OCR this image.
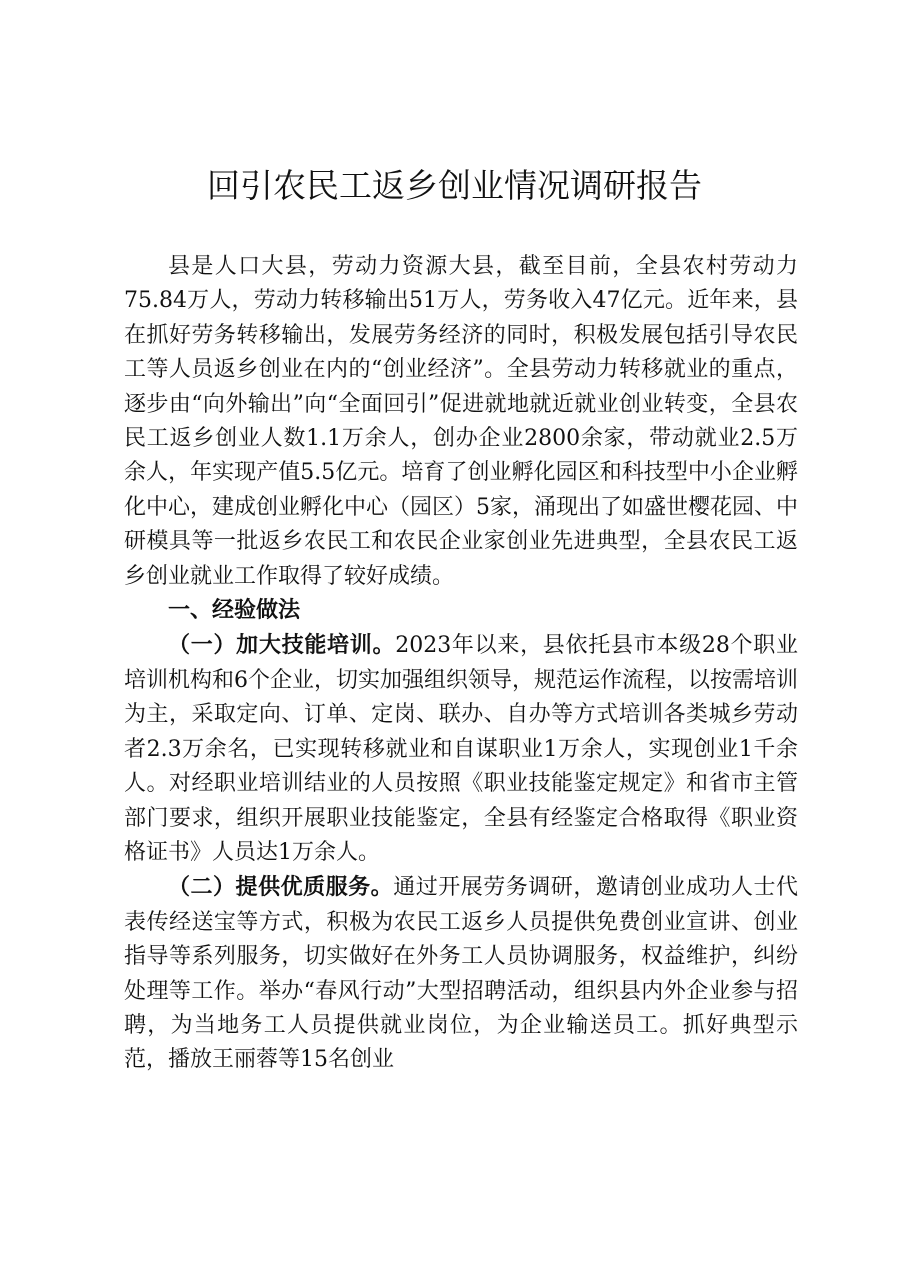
回引农民工返乡创业情况调研报告

县是人口大县，劳动力资源大县，截至目前，全县农村劳动力75.84万人，劳动力转移输出51万人，劳务收入47亿元。近年来，县在抓好劳务转移输出，发展劳务经济的同时，积极发展包括引导农民工等人员返乡创业在内的“创业经济”。全县劳动力转移就业的重点，逐步由“向外输出”向“全面回引”促进就地就近就业创业转变，全县农民工返乡创业人数1.1万余人，创办企业2800余家，带动就业2.5万余人，年实现产值5.5亿元。培育了创业孵化园区和科技型中小企业孵化中心，建成创业孵化中心（园区）5家，涌现出了如盛世樱花园、中研模具等一批返乡农民工和农民企业家创业先进典型，全县农民工返乡创业就业工作取得了较好成绩。

一、经验做法

（一）加大技能培训。2023年以来，县依托县市本级28个职业培训机构和6个企业，切实加强组织领导，规范运作流程，以按需培训为主，采取定向、订单、定岗、联办、自办等方式培训各类城乡劳动者2.3万余名，已实现转移就业和自谋职业1万余人，实现创业1千余人。对经职业培训结业的人员按照《职业技能鉴定规定》和省市主管部门要求，组织开展职业技能鉴定，全县有经鉴定合格取得《职业资格证书》人员达1万余人。

（二）提供优质服务。通过开展劳务调研，邀请创业成功人士代表传经送宝等方式，积极为农民工返乡人员提供免费创业宣讲、创业指导等系列服务，切实做好在外务工人员协调服务，权益维护，纠纷处理等工作。举办“春风行动”大型招聘活动，组织县内外企业参与招聘，为当地务工人员提供就业岗位，为企业输送员工。抓好典型示范，播放王丽蓉等15名创业
